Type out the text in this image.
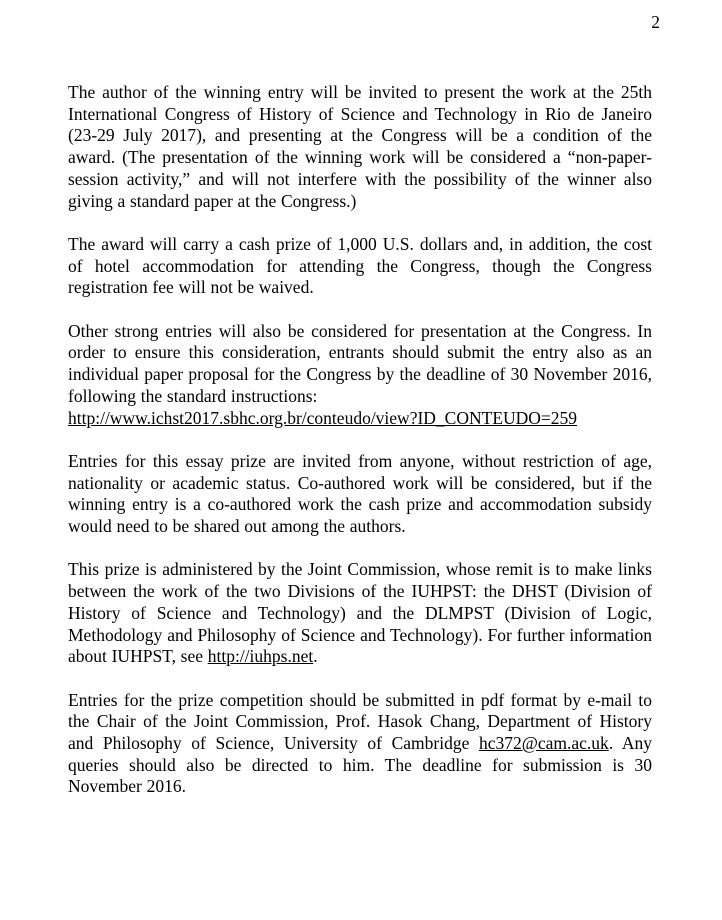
2

The author of the winning entry will be invited to present the work at the 25th International Congress of History of Science and Technology in Rio de Janeiro (23-29 July 2017), and presenting at the Congress will be a condition of the award. (The presentation of the winning work will be considered a “non-paper-session activity,” and will not interfere with the possibility of the winner also giving a standard paper at the Congress.)

The award will carry a cash prize of 1,000 U.S. dollars and, in addition, the cost of hotel accommodation for attending the Congress, though the Congress registration fee will not be waived.

Other strong entries will also be considered for presentation at the Congress. In order to ensure this consideration, entrants should submit the entry also as an individual paper proposal for the Congress by the deadline of 30 November 2016, following the standard instructions:
http://www.ichst2017.sbhc.org.br/conteudo/view?ID_CONTEUDO=259

Entries for this essay prize are invited from anyone, without restriction of age, nationality or academic status. Co-authored work will be considered, but if the winning entry is a co-authored work the cash prize and accommodation subsidy would need to be shared out among the authors.

This prize is administered by the Joint Commission, whose remit is to make links between the work of the two Divisions of the IUHPST: the DHST (Division of History of Science and Technology) and the DLMPST (Division of Logic, Methodology and Philosophy of Science and Technology). For further information about IUHPST, see http://iuhps.net.

Entries for the prize competition should be submitted in pdf format by e-mail to the Chair of the Joint Commission, Prof. Hasok Chang, Department of History and Philosophy of Science, University of Cambridge hc372@cam.ac.uk. Any queries should also be directed to him. The deadline for submission is 30 November 2016.
